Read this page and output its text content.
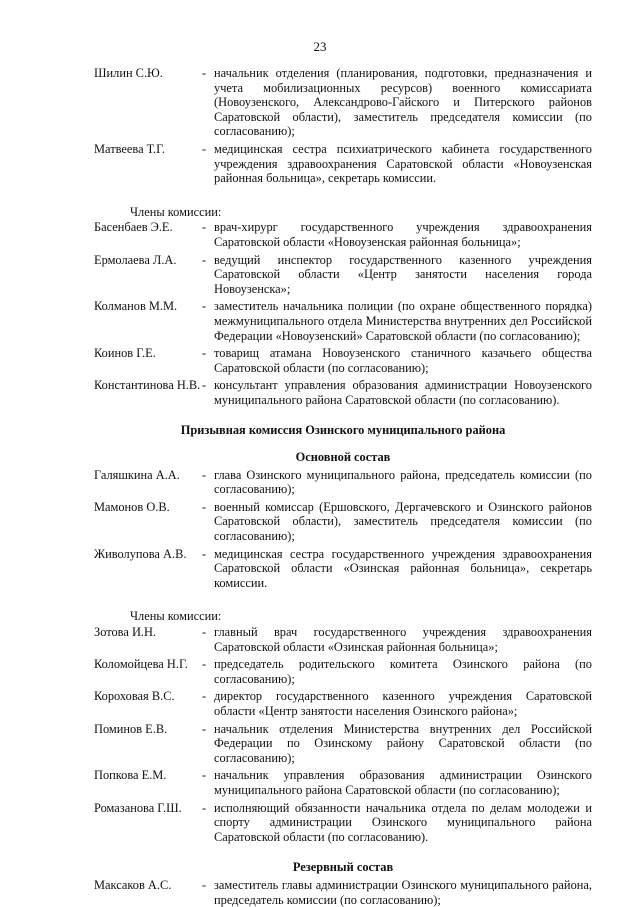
23
Шилин С.Ю.	- начальник отделения (планирования, подготовки, предназначения и учета мобилизационных ресурсов) военного комиссариата (Новоузенского, Александрово-Гайского и Питерского районов Саратовской области), заместитель председателя комиссии (по согласованию);
Матвеева Т.Г.	- медицинская сестра психиатрического кабинета государственного учреждения здравоохранения Саратовской области «Новоузенская районная больница», секретарь комиссии.
Члены комиссии:
Басенбаев Э.Е.	- врач-хирург государственного учреждения здравоохранения Саратовской области «Новоузенская районная больница»;
Ермолаева Л.А.	- ведущий инспектор государственного казенного учреждения Саратовской области «Центр занятости населения города Новоузенска»;
Колманов М.М.	- заместитель начальника полиции (по охране общественного порядка) межмуниципального отдела Министерства внутренних дел Российской Федерации «Новоузенский» Саратовской области (по согласованию);
Коинов Г.Е.	- товарищ атамана Новоузенского станичного казачьего общества Саратовской области (по согласованию);
Константинова Н.В. - консультант управления образования администрации Новоузенского муниципального района Саратовской области (по согласованию).
Призывная комиссия Озинского муниципального района
Основной состав
Галяшкина А.А.	- глава Озинского муниципального района, председатель комиссии (по согласованию);
Мамонов О.В.	- военный комиссар (Ершовского, Дергачевского и Озинского районов Саратовской области), заместитель председателя комиссии (по согласованию);
Живолупова А.В.	- медицинская сестра государственного учреждения здравоохранения Саратовской области «Озинская районная больница», секретарь комиссии.
Члены комиссии:
Зотова И.Н.	- главный врач государственного учреждения здравоохранения Саратовской области «Озинская районная больница»;
Коломойцева Н.Г.	- председатель родительского комитета Озинского района (по согласованию);
Короховая В.С.	- директор государственного казенного учреждения Саратовской области «Центр занятости населения Озинского района»;
Поминов Е.В.	- начальник отделения Министерства внутренних дел Российской Федерации по Озинскому району Саратовской области (по согласованию);
Попкова Е.М.	- начальник управления образования администрации Озинского муниципального района Саратовской области (по согласованию);
Ромазанова Г.Ш.	- исполняющий обязанности начальника отдела по делам молодежи и спорту администрации Озинского муниципального района Саратовской области (по согласованию).
Резервный состав
Максаков А.С.	- заместитель главы администрации Озинского муниципального района, председатель комиссии (по согласованию);
